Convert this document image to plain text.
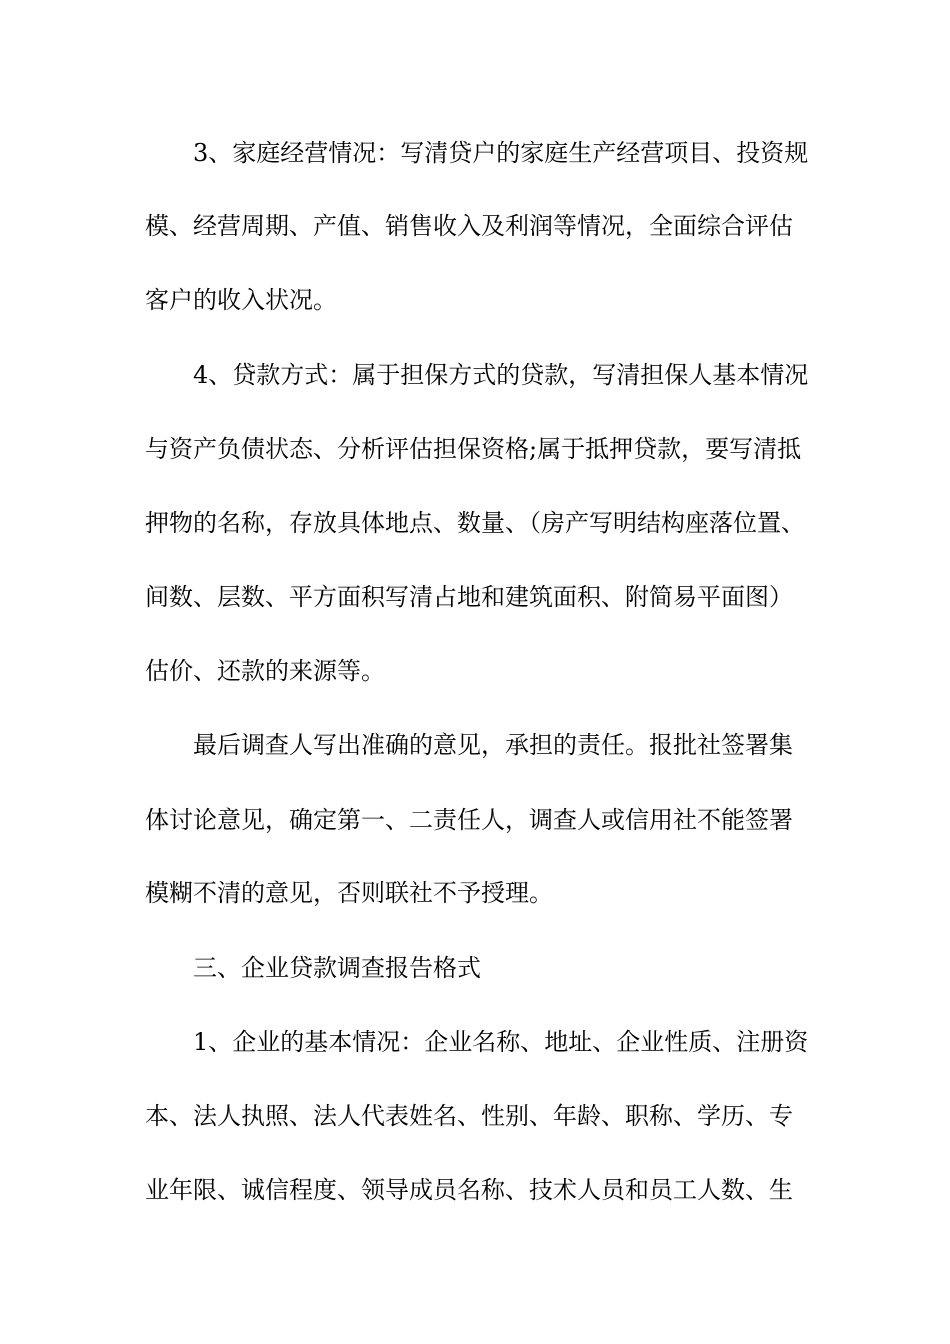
3、家庭经营情况：写清贷户的家庭生产经营项目、投资规
模、经营周期、产值、销售收入及利润等情况，全面综合评估
客户的收入状况。
4、贷款方式：属于担保方式的贷款，写清担保人基本情况
与资产负债状态、分析评估担保资格;属于抵押贷款，要写清抵
押物的名称，存放具体地点、数量、（房产写明结构座落位置、
间数、层数、平方面积写清占地和建筑面积、附简易平面图）
估价、还款的来源等。
最后调查人写出准确的意见，承担的责任。报批社签署集
体讨论意见，确定第一、二责任人，调查人或信用社不能签署
模糊不清的意见，否则联社不予授理。
三、企业贷款调查报告格式
1、企业的基本情况：企业名称、地址、企业性质、注册资
本、法人执照、法人代表姓名、性别、年龄、职称、学历、专
业年限、诚信程度、领导成员名称、技术人员和员工人数、生
